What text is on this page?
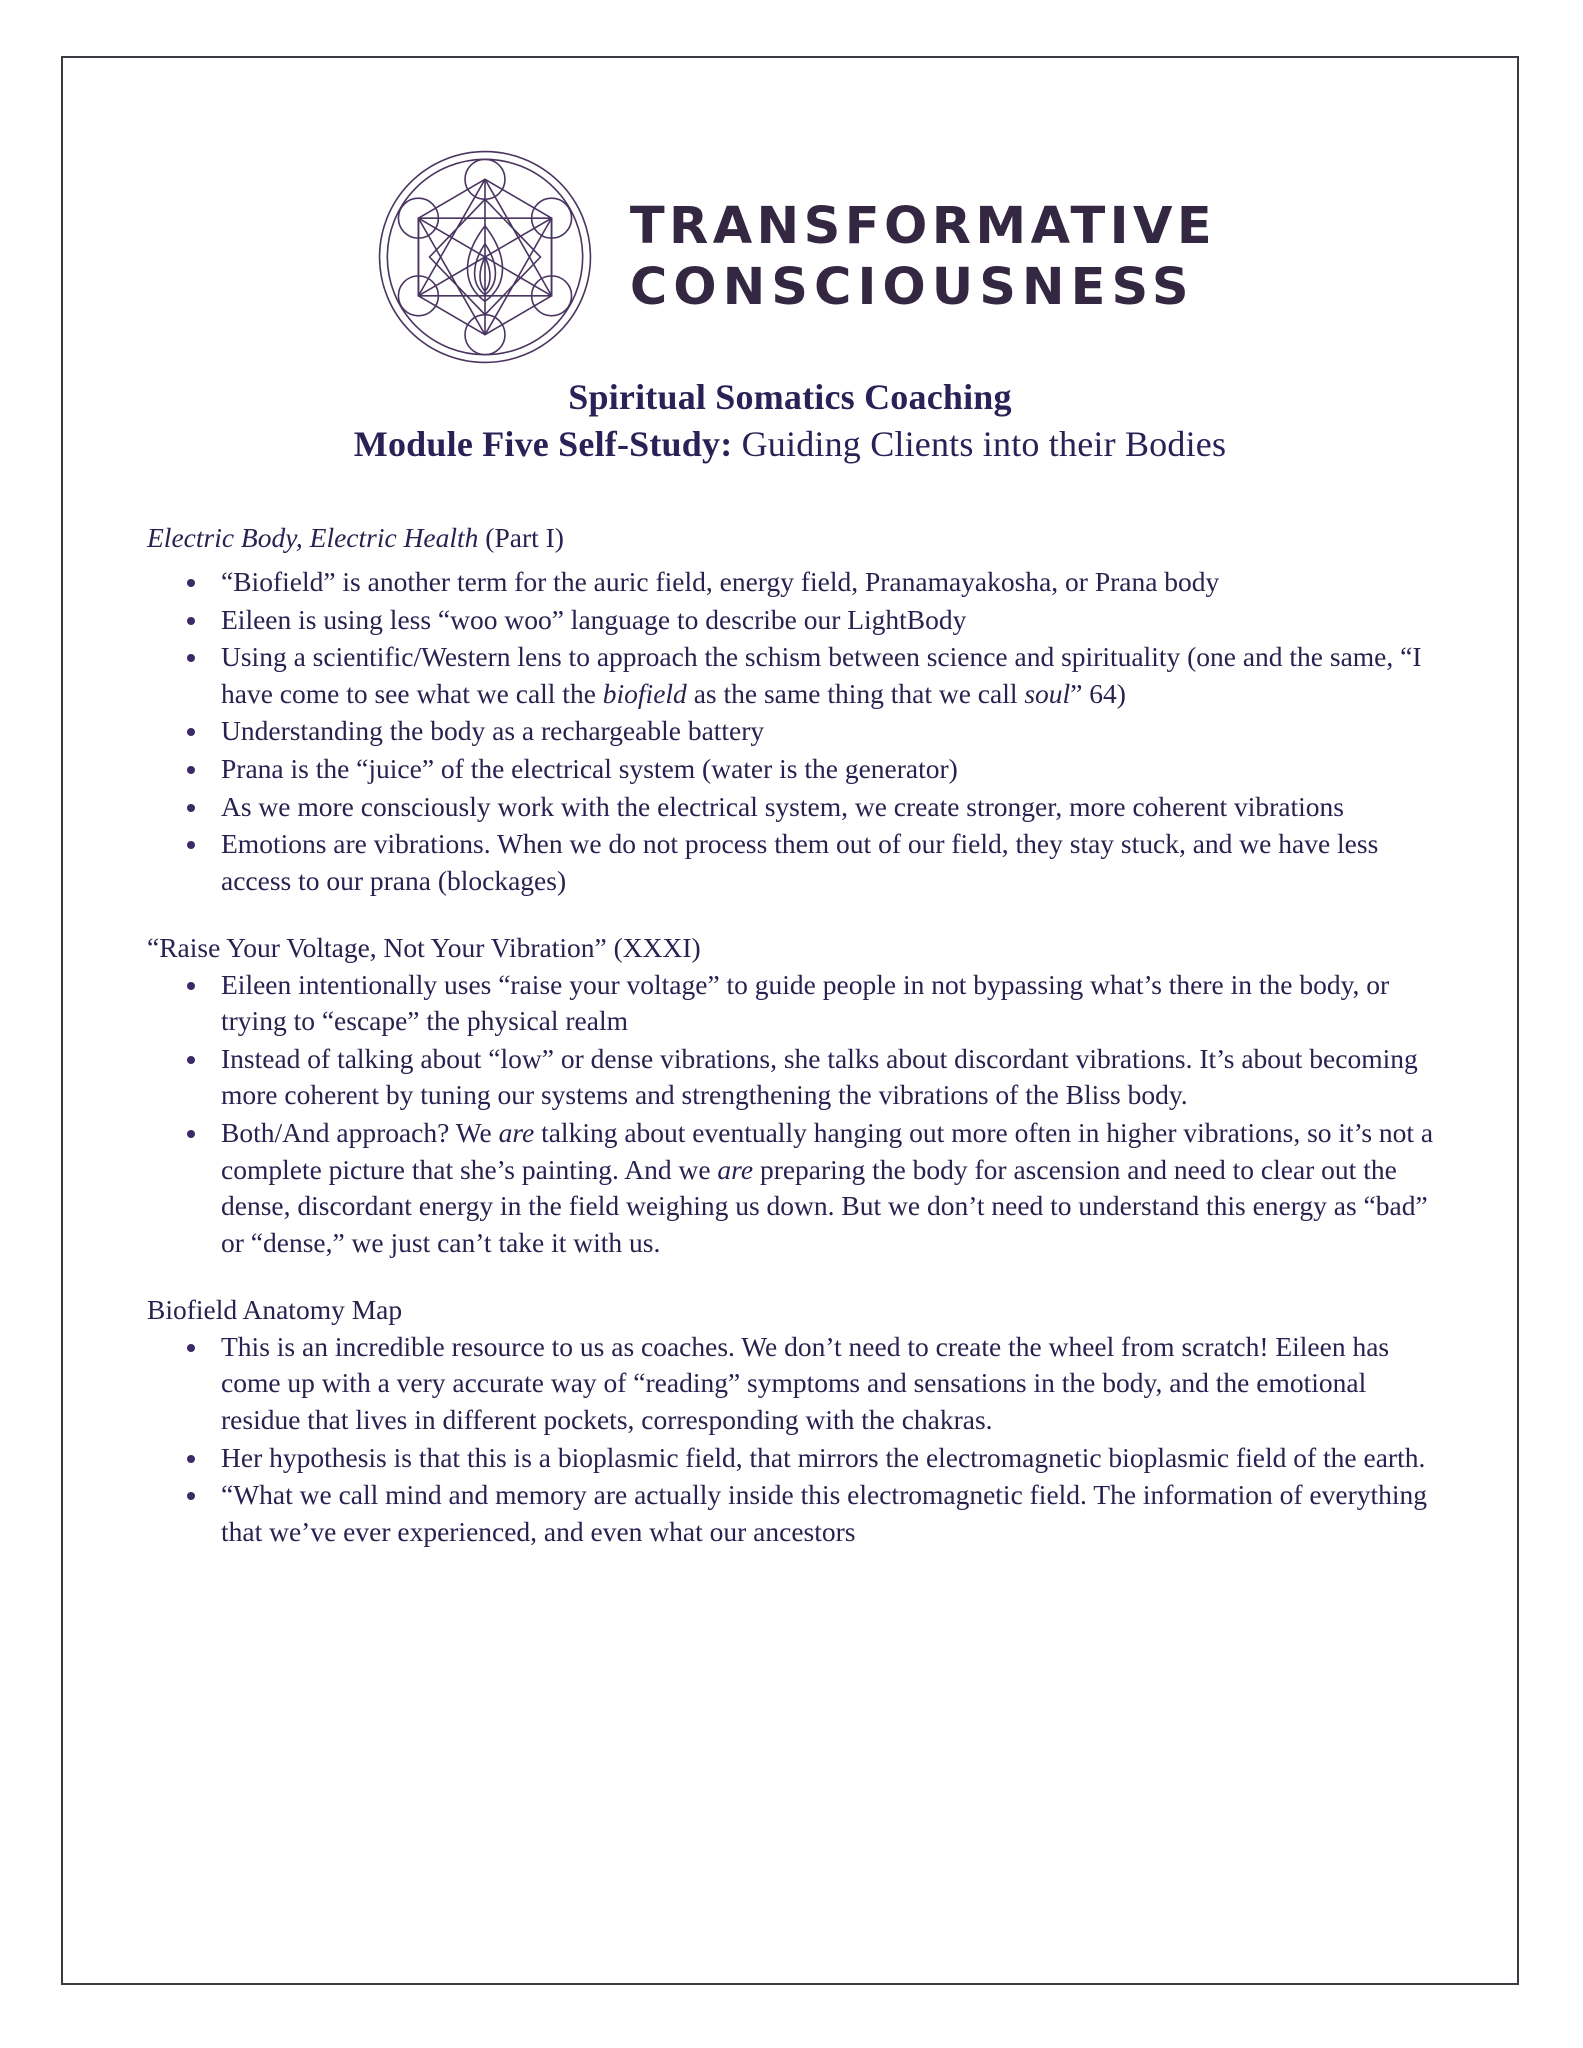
TRANSFORMATIVE
CONSCIOUSNESS
Spiritual Somatics Coaching
Module Five Self-Study: Guiding Clients into their Bodies

Electric Body, Electric Health (Part I)

“Biofield” is another term for the auric field, energy field, Pranamayakosha, or Prana body
Eileen is using less “woo woo” language to describe our LightBody
Using a scientific/Western lens to approach the schism between science and spirituality (one and the same, “I have come to see what we call the biofield as the same thing that we call soul” 64)
Understanding the body as a rechargeable battery
Prana is the “juice” of the electrical system (water is the generator)
As we more consciously work with the electrical system, we create stronger, more coherent vibrations
Emotions are vibrations. When we do not process them out of our field, they stay stuck, and we have less access to our prana (blockages)

“Raise Your Voltage, Not Your Vibration” (XXXI)

Eileen intentionally uses “raise your voltage” to guide people in not bypassing what’s there in the body, or trying to “escape” the physical realm
Instead of talking about “low” or dense vibrations, she talks about discordant vibrations. It’s about becoming more coherent by tuning our systems and strengthening the vibrations of the Bliss body.
Both/And approach? We are talking about eventually hanging out more often in higher vibrations, so it’s not a complete picture that she’s painting. And we are preparing the body for ascension and need to clear out the dense, discordant energy in the field weighing us down. But we don’t need to understand this energy as “bad” or “dense,” we just can’t take it with us.

Biofield Anatomy Map

This is an incredible resource to us as coaches. We don’t need to create the wheel from scratch! Eileen has come up with a very accurate way of “reading” symptoms and sensations in the body, and the emotional residue that lives in different pockets, corresponding with the chakras.
Her hypothesis is that this is a bioplasmic field, that mirrors the electromagnetic bioplasmic field of the earth.
“What we call mind and memory are actually inside this electromagnetic field. The information of everything that we’ve ever experienced, and even what our ancestors
